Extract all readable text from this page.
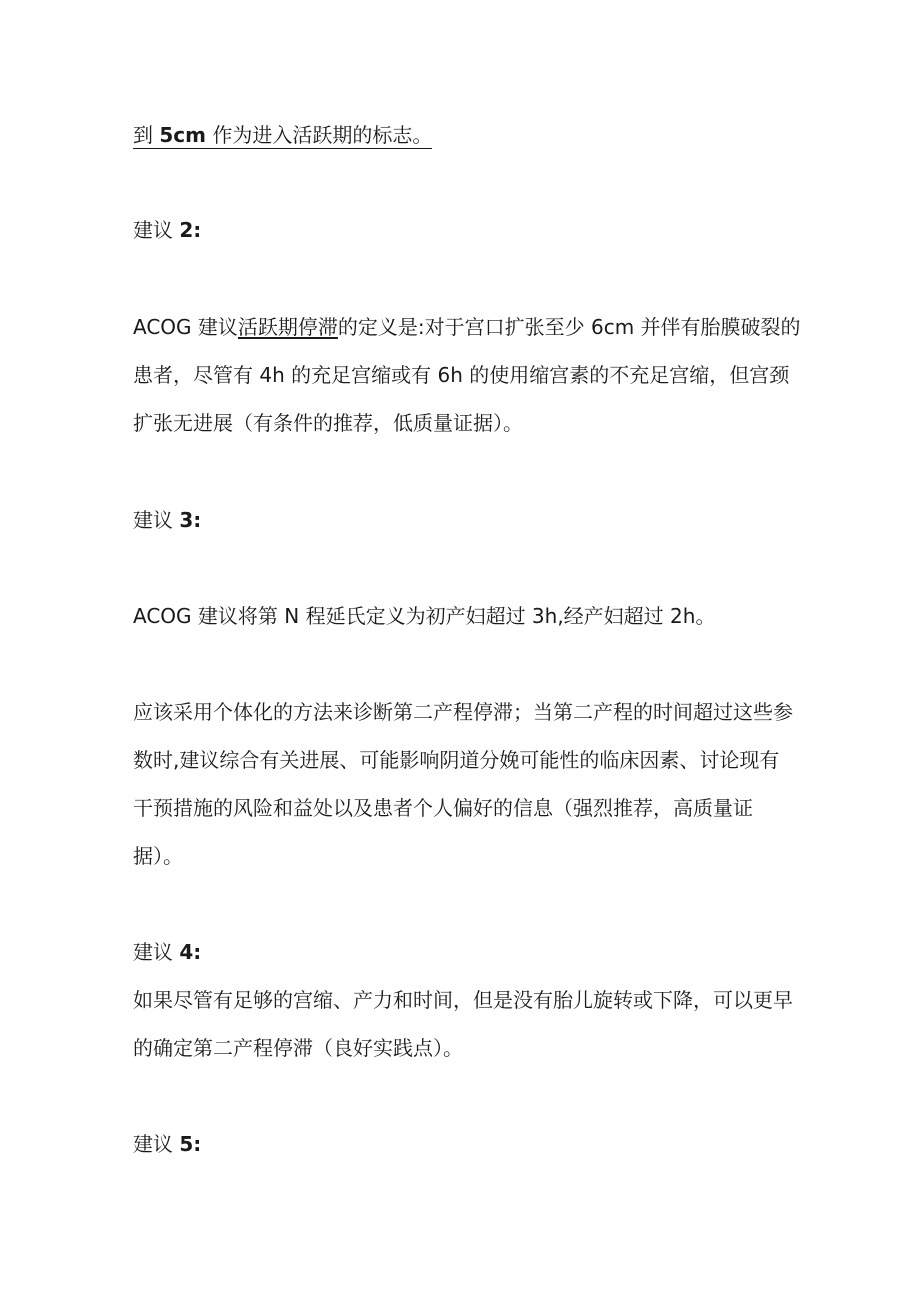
到 5cm 作为进入活跃期的标志。
建议 2:
ACOG 建议活跃期停滞的定义是:对于宫口扩张至少 6cm 并伴有胎膜破裂的
患者，尽管有 4h 的充足宫缩或有 6h 的使用缩宫素的不充足宫缩，但宫颈
扩张无进展（有条件的推荐，低质量证据）。
建议 3:
ACOG 建议将第 N 程延氏定义为初产妇超过 3h,经产妇超过 2h。
应该采用个体化的方法来诊断第二产程停滞；当第二产程的时间超过这些参
数时,建议综合有关进展、可能影响阴道分娩可能性的临床因素、讨论现有
干预措施的风险和益处以及患者个人偏好的信息（强烈推荐，高质量证
据）。
建议 4:
如果尽管有足够的宫缩、产力和时间，但是没有胎儿旋转或下降，可以更早
的确定第二产程停滞（良好实践点）。
建议 5:
